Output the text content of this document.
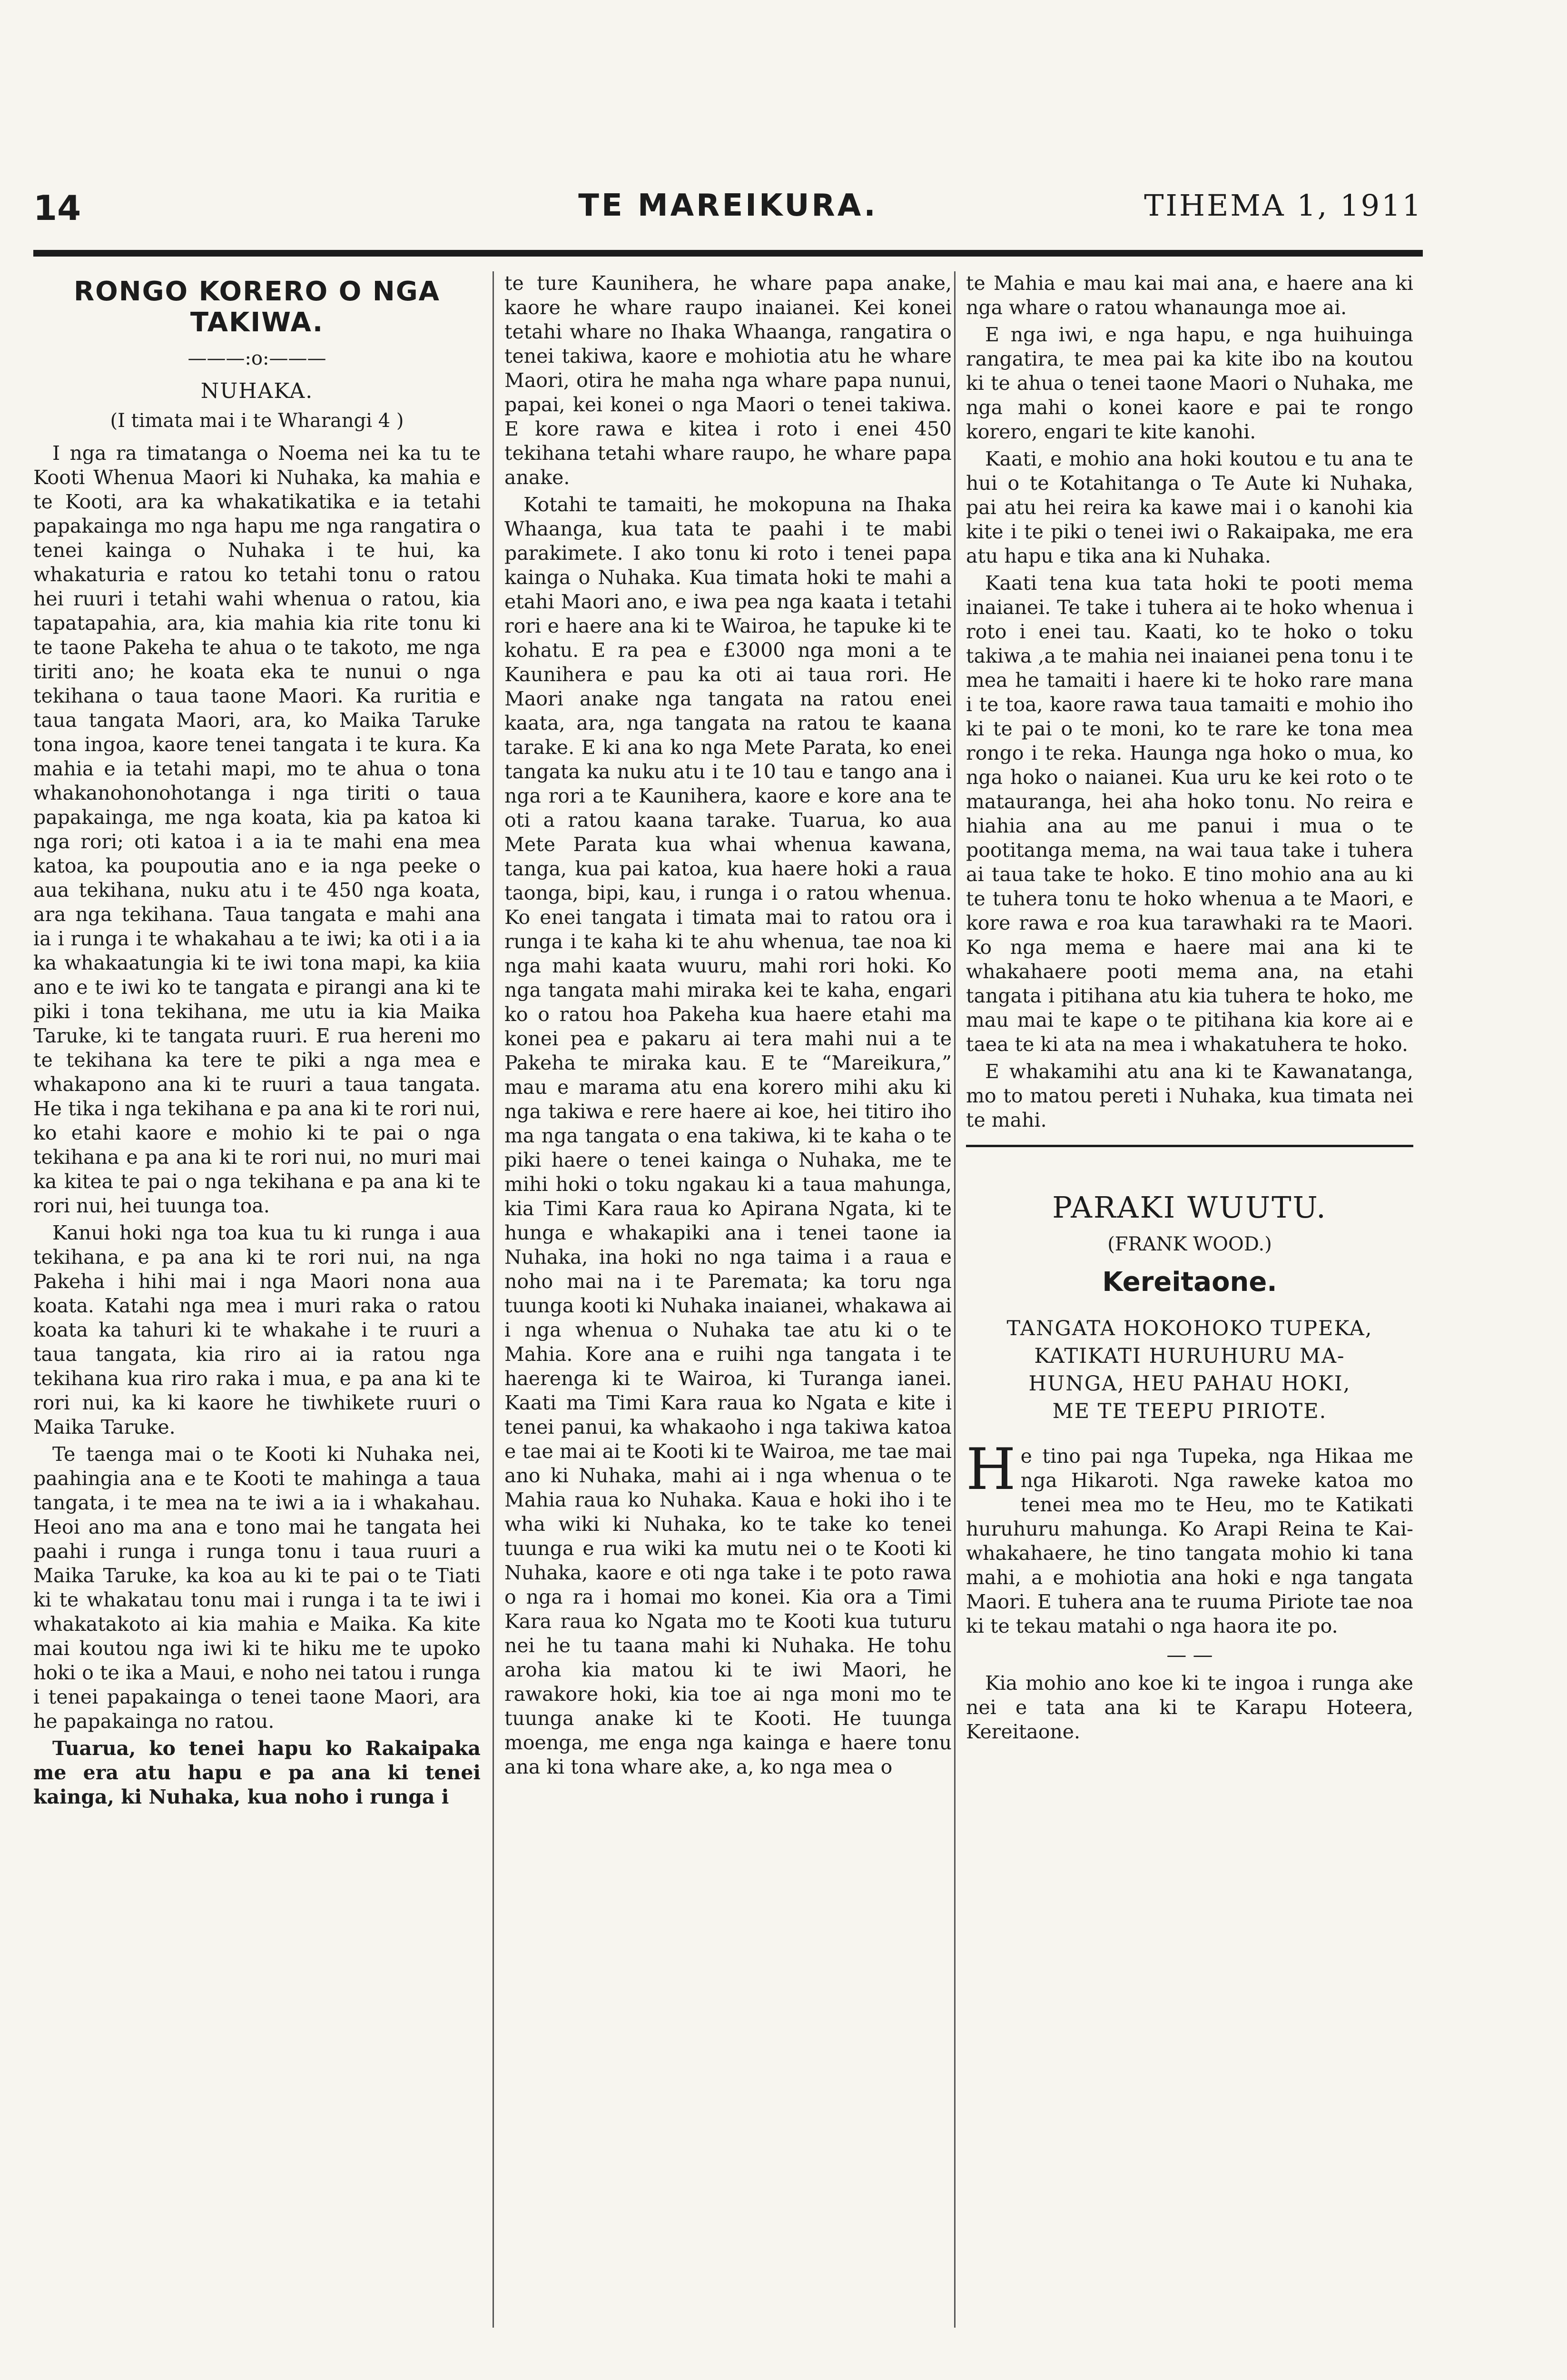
14	TE MAREIKURA.	TIHEMA 1, 1911
RONGO KORERO O NGA TAKIWA.
———:o:———
NUHAKA.
(I timata mai i te Wharangi 4 )

I nga ra timatanga o Noema nei ka tu te Kooti Whenua Maori ki Nuhaka, ka mahia e te Kooti, ara ka whakatikatika e ia tetahi papakainga mo nga hapu me nga rangatira o tenei kainga o Nuhaka i te hui, ka whakaturia e ratou ko tetahi tonu o ratou hei ruuri i tetahi wahi whenua o ratou, kia tapatapahia, ara, kia mahia kia rite tonu ki te taone Pakeha te ahua o te takoto, me nga tiriti ano; he koata eka te nunui o nga tekihana o taua taone Maori. Ka ruritia e taua tangata Maori, ara, ko Maika Taruke tona ingoa, kaore tenei tangata i te kura. Ka mahia e ia tetahi mapi, mo te ahua o tona whakanohonohotanga i nga tiriti o taua papakainga, me nga koata, kia pa katoa ki nga rori; oti katoa i a ia te mahi ena mea katoa, ka poupoutia ano e ia nga peeke o aua tekihana, nuku atu i te 450 nga koata, ara nga tekihana. Taua tangata e mahi ana ia i runga i te whakahau a te iwi; ka oti i a ia ka whakaatungia ki te iwi tona mapi, ka kiia ano e te iwi ko te tangata e pirangi ana ki te piki i tona tekihana, me utu ia kia Maika Taruke, ki te tangata ruuri. E rua hereni mo te tekihana ka tere te piki a nga mea e whakapono ana ki te ruuri a taua tangata. He tika i nga tekihana e pa ana ki te rori nui, ko etahi kaore e mohio ki te pai o nga tekihana e pa ana ki te rori nui, no muri mai ka kitea te pai o nga tekihana e pa ana ki te rori nui, hei tuunga toa.

Kanui hoki nga toa kua tu ki runga i aua tekihana, e pa ana ki te rori nui, na nga Pakeha i hihi mai i nga Maori nona aua koata. Katahi nga mea i muri raka o ratou koata ka tahuri ki te whakahe i te ruuri a taua tangata, kia riro ai ia ratou nga tekihana kua riro raka i mua, e pa ana ki te rori nui, ka ki kaore he tiwhikete ruuri o Maika Taruke.

Te taenga mai o te Kooti ki Nuhaka nei, paahingia ana e te Kooti te mahinga a taua tangata, i te mea na te iwi a ia i whakahau. Heoi ano ma ana e tono mai he tangata hei paahi i runga i runga tonu i taua ruuri a Maika Taruke, ka koa au ki te pai o te Tiati ki te whakatau tonu mai i runga i ta te iwi i whakatakoto ai kia mahia e Maika. Ka kite mai koutou nga iwi ki te hiku me te upoko hoki o te ika a Maui, e noho nei tatou i runga i tenei papakainga o tenei taone Maori, ara he papakainga no ratou.

Tuarua, ko tenei hapu ko Rakaipaka me era atu hapu e pa ana ki tenei kainga, ki Nuhaka, kua noho i runga i

te ture Kaunihera, he whare papa anake, kaore he whare raupo inaianei. Kei konei tetahi whare no Ihaka Whaanga, rangatira o tenei takiwa, kaore e mohiotia atu he whare Maori, otira he maha nga whare papa nunui, papai, kei konei o nga Maori o tenei takiwa. E kore rawa e kitea i roto i enei 450 tekihana tetahi whare raupo, he whare papa anake.

Kotahi te tamaiti, he mokopuna na Ihaka Whaanga, kua tata te paahi i te mabi parakimete. I ako tonu ki roto i tenei papa kainga o Nuhaka. Kua timata hoki te mahi a etahi Maori ano, e iwa pea nga kaata i tetahi rori e haere ana ki te Wairoa, he tapuke ki te kohatu. E ra pea e £3000 nga moni a te Kaunihera e pau ka oti ai taua rori. He Maori anake nga tangata na ratou enei kaata, ara, nga tangata na ratou te kaana tarake. E ki ana ko nga Mete Parata, ko enei tangata ka nuku atu i te 10 tau e tango ana i nga rori a te Kaunihera, kaore e kore ana te oti a ratou kaana tarake. Tuarua, ko aua Mete Parata kua whai whenua kawana, tanga, kua pai katoa, kua haere hoki a raua taonga, bipi, kau, i runga i o ratou whenua. Ko enei tangata i timata mai to ratou ora i runga i te kaha ki te ahu whenua, tae noa ki nga mahi kaata wuuru, mahi rori hoki. Ko nga tangata mahi miraka kei te kaha, engari ko o ratou hoa Pakeha kua haere etahi ma konei pea e pakaru ai tera mahi nui a te Pakeha te miraka kau. E te “Mareikura,” mau e marama atu ena korero mihi aku ki nga takiwa e rere haere ai koe, hei titiro iho ma nga tangata o ena takiwa, ki te kaha o te piki haere o tenei kainga o Nuhaka, me te mihi hoki o toku ngakau ki a taua mahunga, kia Timi Kara raua ko Apirana Ngata, ki te hunga e whakapiki ana i tenei taone ia Nuhaka, ina hoki no nga taima i a raua e noho mai na i te Paremata; ka toru nga tuunga kooti ki Nuhaka inaianei, whakawa ai i nga whenua o Nuhaka tae atu ki o te Mahia. Kore ana e ruihi nga tangata i te haerenga ki te Wairoa, ki Turanga ianei. Kaati ma Timi Kara raua ko Ngata e kite i tenei panui, ka whakaoho i nga takiwa katoa e tae mai ai te Kooti ki te Wairoa, me tae mai ano ki Nuhaka, mahi ai i nga whenua o te Mahia raua ko Nuhaka. Kaua e hoki iho i te wha wiki ki Nuhaka, ko te take ko tenei tuunga e rua wiki ka mutu nei o te Kooti ki Nuhaka, kaore e oti nga take i te poto rawa o nga ra i homai mo konei. Kia ora a Timi Kara raua ko Ngata mo te Kooti kua tuturu nei he tu taana mahi ki Nuhaka. He tohu aroha kia matou ki te iwi Maori, he rawakore hoki, kia toe ai nga moni mo te tuunga anake ki te Kooti. He tuunga moenga, me enga nga kainga e haere tonu ana ki tona whare ake, a, ko nga mea o

te Mahia e mau kai mai ana, e haere ana ki nga whare o ratou whanaunga moe ai.

E nga iwi, e nga hapu, e nga huihuinga rangatira, te mea pai ka kite ibo na koutou ki te ahua o tenei taone Maori o Nuhaka, me nga mahi o konei kaore e pai te rongo korero, engari te kite kanohi.

Kaati, e mohio ana hoki koutou e tu ana te hui o te Kotahitanga o Te Aute ki Nuhaka, pai atu hei reira ka kawe mai i o kanohi kia kite i te piki o tenei iwi o Rakaipaka, me era atu hapu e tika ana ki Nuhaka.

Kaati tena kua tata hoki te pooti mema inaianei. Te take i tuhera ai te hoko whenua i roto i enei tau. Kaati, ko te hoko o toku takiwa ,a te mahia nei inaianei pena tonu i te mea he tamaiti i haere ki te hoko rare mana i te toa, kaore rawa taua tamaiti e mohio iho ki te pai o te moni, ko te rare ke tona mea rongo i te reka. Haunga nga hoko o mua, ko nga hoko o naianei. Kua uru ke kei roto o te matauranga, hei aha hoko tonu. No reira e hiahia ana au me panui i mua o te pootitanga mema, na wai taua take i tuhera ai taua take te hoko. E tino mohio ana au ki te tuhera tonu te hoko whenua a te Maori, e kore rawa e roa kua tarawhaki ra te Maori. Ko nga mema e haere mai ana ki te whakahaere pooti mema ana, na etahi tangata i pitihana atu kia tuhera te hoko, me mau mai te kape o te pitihana kia kore ai e taea te ki ata na mea i whakatuhera te hoko.

E whakamihi atu ana ki te Kawanatanga, mo to matou pereti i Nuhaka, kua timata nei te mahi.

PARAKI WUUTU.
(FRANK WOOD.)
Kereitaone.

TANGATA HOKOHOKO TUPEKA,

KATIKATI HURUHURU MA-

HUNGA, HEU PAHAU HOKI,

ME TE TEEPU PIRIOTE.

He tino pai nga Tupeka, nga Hikaa me nga Hikaroti. Nga raweke katoa mo tenei mea mo te Heu, mo te Katikati huruhuru mahunga. Ko Arapi Reina te Kai-whakahaere, he tino tangata mohio ki tana mahi, a e mohiotia ana hoki e nga tangata Maori. E tuhera ana te ruuma Piriote tae noa ki te tekau matahi o nga haora ite po.

— —

Kia mohio ano koe ki te ingoa i runga ake nei e tata ana ki te Karapu Hoteera, Kereitaone.
